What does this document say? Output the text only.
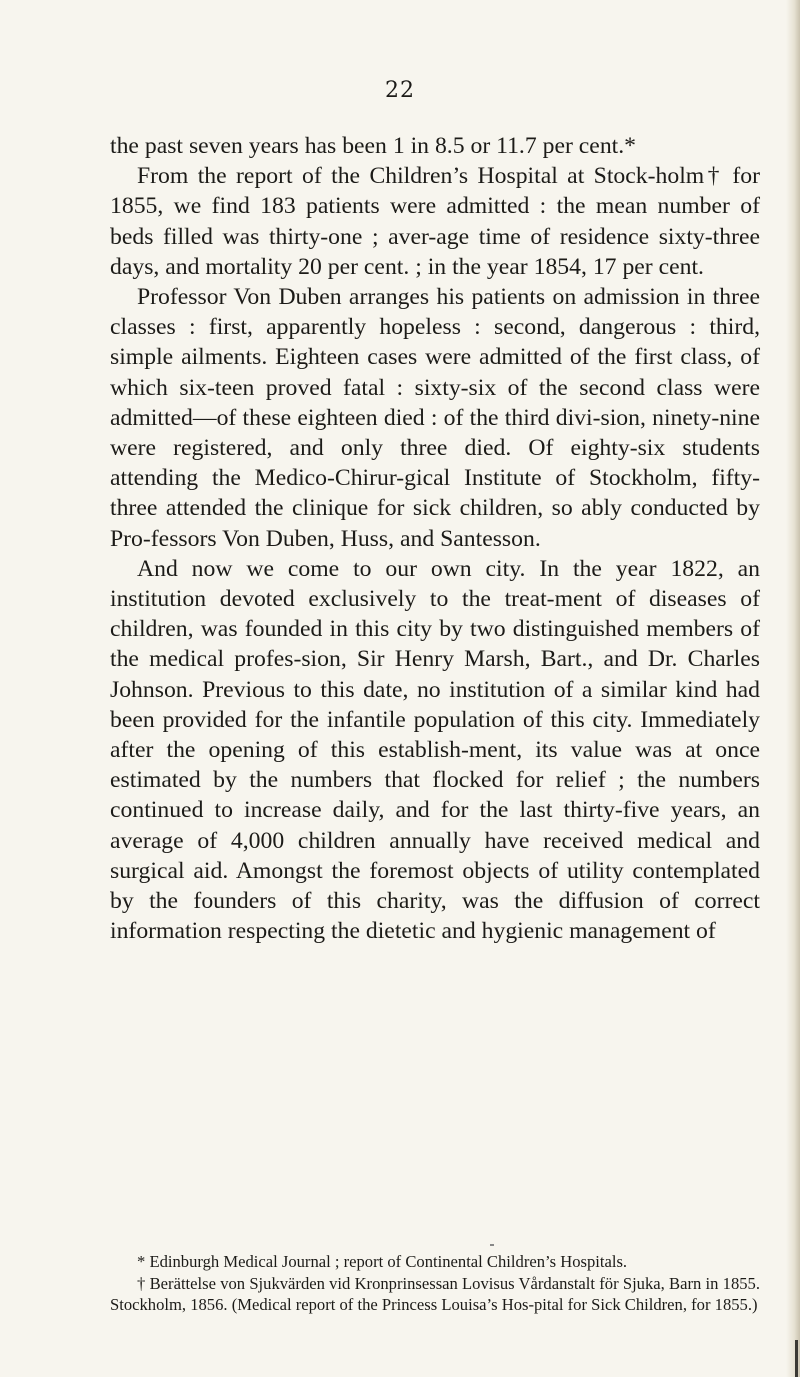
22

the past seven years has been 1 in 8.5 or 11.7 per cent.*

From the report of the Children’s Hospital at Stock-holm† for 1855, we find 183 patients were admitted : the mean number of beds filled was thirty-one ; aver-age time of residence sixty-three days, and mortality 20 per cent. ; in the year 1854, 17 per cent.

Professor Von Duben arranges his patients on admission in three classes : first, apparently hopeless : second, dangerous : third, simple ailments. Eighteen cases were admitted of the first class, of which six-teen proved fatal : sixty-six of the second class were admitted—of these eighteen died : of the third divi-sion, ninety-nine were registered, and only three died. Of eighty-six students attending the Medico-Chirur-gical Institute of Stockholm, fifty-three attended the clinique for sick children, so ably conducted by Pro-fessors Von Duben, Huss, and Santesson.

And now we come to our own city. In the year 1822, an institution devoted exclusively to the treat-ment of diseases of children, was founded in this city by two distinguished members of the medical profes-sion, Sir Henry Marsh, Bart., and Dr. Charles Johnson. Previous to this date, no institution of a similar kind had been provided for the infantile population of this city. Immediately after the opening of this establish-ment, its value was at once estimated by the numbers that flocked for relief ; the numbers continued to increase daily, and for the last thirty-five years, an average of 4,000 children annually have received medical and surgical aid. Amongst the foremost objects of utility contemplated by the founders of this charity, was the diffusion of correct information respecting the dietetic and hygienic management of

* Edinburgh Medical Journal ; report of Continental Children’s Hospitals.

† Berättelse von Sjukvärden vid Kronprinsessan Lovisus Vårdanstalt för Sjuka, Barn in 1855. Stockholm, 1856. (Medical report of the Princess Louisa’s Hos-pital for Sick Children, for 1855.)
